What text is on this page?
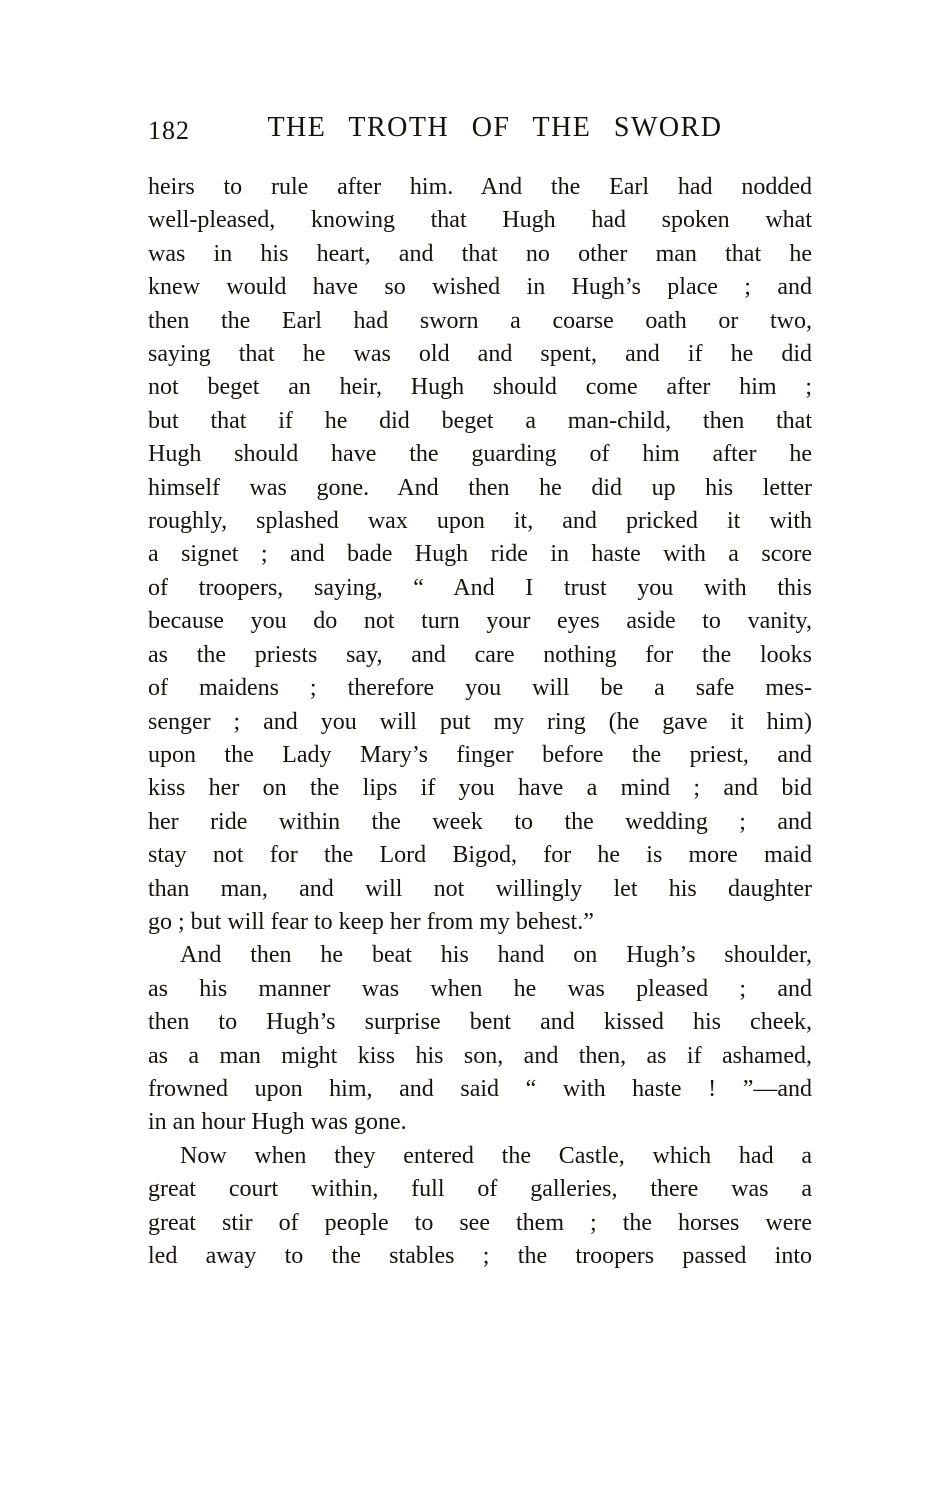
182	THE TROTH OF THE SWORD
heirs to rule after him. And the Earl had nodded
well-pleased, knowing that Hugh had spoken what
was in his heart, and that no other man that he
knew would have so wished in Hugh’s place ; and
then the Earl had sworn a coarse oath or two,
saying that he was old and spent, and if he did
not beget an heir, Hugh should come after him ;
but that if he did beget a man-child, then that
Hugh should have the guarding of him after he
himself was gone. And then he did up his letter
roughly, splashed wax upon it, and pricked it with
a signet ; and bade Hugh ride in haste with a score
of troopers, saying, “ And I trust you with this
because you do not turn your eyes aside to vanity,
as the priests say, and care nothing for the looks
of maidens ; therefore you will be a safe mes-
senger ; and you will put my ring (he gave it him)
upon the Lady Mary’s finger before the priest, and
kiss her on the lips if you have a mind ; and bid
her ride within the week to the wedding ; and
stay not for the Lord Bigod, for he is more maid
than man, and will not willingly let his daughter
go ; but will fear to keep her from my behest.”
And then he beat his hand on Hugh’s shoulder,
as his manner was when he was pleased ; and
then to Hugh’s surprise bent and kissed his cheek,
as a man might kiss his son, and then, as if ashamed,
frowned upon him, and said “ with haste ! ”—and
in an hour Hugh was gone.
Now when they entered the Castle, which had a
great court within, full of galleries, there was a
great stir of people to see them ; the horses were
led away to the stables ; the troopers passed into
